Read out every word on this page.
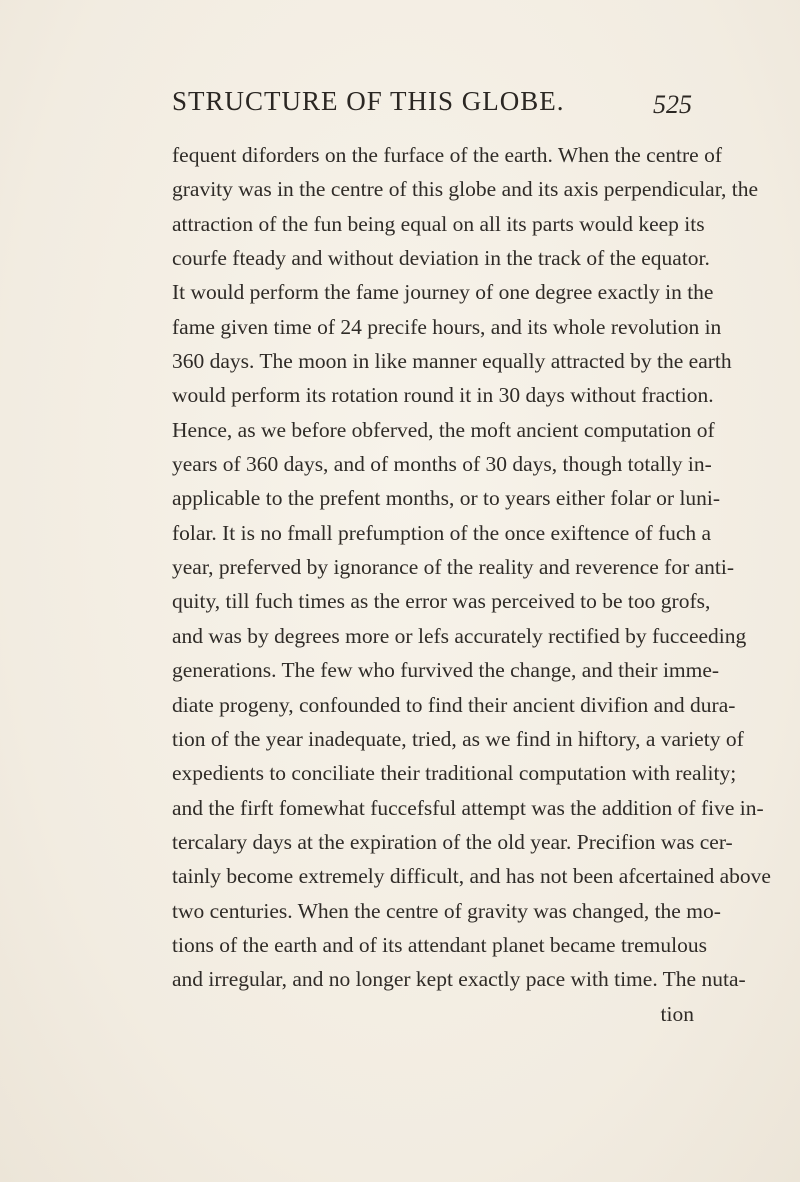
STRUCTURE OF THIS GLOBE.	525
fequent diforders on the furface of the earth. When the centre of
gravity was in the centre of this globe and its axis perpendicular, the
attraction of the fun being equal on all its parts would keep its
courfe fteady and without deviation in the track of the equator.
It would perform the fame journey of one degree exactly in the
fame given time of 24 precife hours, and its whole revolution in
360 days. The moon in like manner equally attracted by the earth
would perform its rotation round it in 30 days without fraction.
Hence, as we before obferved, the moft ancient computation of
years of 360 days, and of months of 30 days, though totally in-
applicable to the prefent months, or to years either folar or luni-
folar. It is no fmall prefumption of the once exiftence of fuch a
year, preferved by ignorance of the reality and reverence for anti-
quity, till fuch times as the error was perceived to be too grofs,
and was by degrees more or lefs accurately rectified by fucceeding
generations. The few who furvived the change, and their imme-
diate progeny, confounded to find their ancient divifion and dura-
tion of the year inadequate, tried, as we find in hiftory, a variety of
expedients to conciliate their traditional computation with reality;
and the firft fomewhat fuccefsful attempt was the addition of five in-
tercalary days at the expiration of the old year. Precifion was cer-
tainly become extremely difficult, and has not been afcertained above
two centuries. When the centre of gravity was changed, the mo-
tions of the earth and of its attendant planet became tremulous
and irregular, and no longer kept exactly pace with time. The nuta-
tion
